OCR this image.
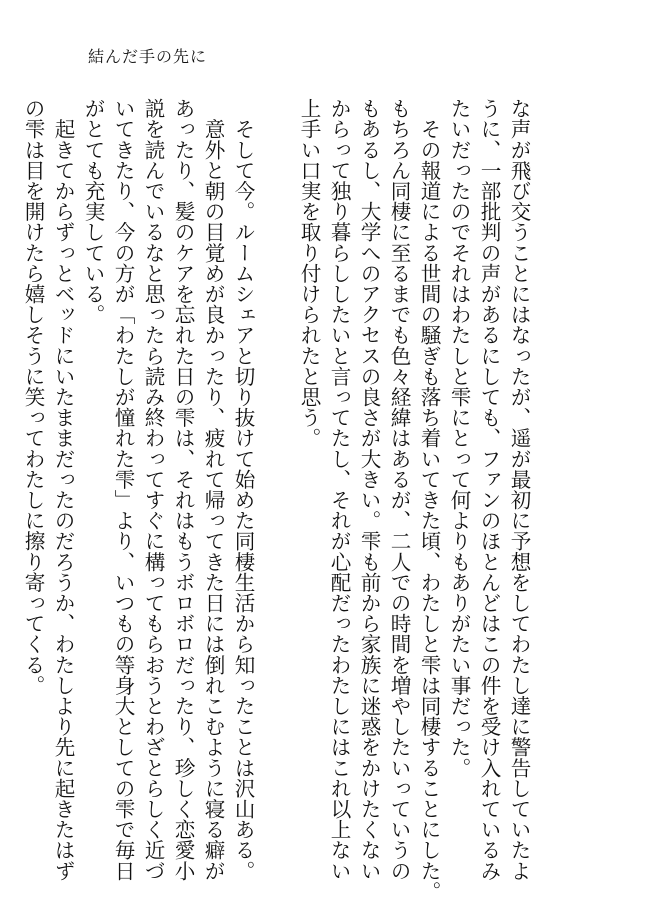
結んだ手の先に
な声が飛び交うことにはなったが、遥が最初に予想をしてわたし達に警告していたよ
うに、一部批判の声があるにしても、ファンのほとんどはこの件を受け入れているみ
たいだったのでそれはわたしと雫にとって何よりもありがたい事だった。
　その報道による世間の騒ぎも落ち着いてきた頃、わたしと雫は同棲することにした。
もちろん同棲に至るまでも色々経緯はあるが、二人での時間を増やしたいっていうの
もあるし、大学へのアクセスの良さが大きい。雫も前から家族に迷惑をかけたくない
からって独り暮らししたいと言ってたし、それが心配だったわたしにはこれ以上ない
上手い口実を取り付けられたと思う。
　そして今。ルームシェアと切り抜けて始めた同棲生活から知ったことは沢山ある。
　意外と朝の目覚めが良かったり、疲れて帰ってきた日には倒れこむように寝る癖が
あったり、髪のケアを忘れた日の雫は、それはもうボロボロだったり、珍しく恋愛小
説を読んでいるなと思ったら読み終わってすぐに構ってもらおうとわざとらしく近づ
いてきたり、今の方が「わたしが憧れた雫」より、いつもの等身大としての雫で毎日
がとても充実している。
　起きてからずっとベッドにいたままだったのだろうか、わたしより先に起きたはず
の雫は目を開けたら嬉しそうに笑ってわたしに擦り寄ってくる。
